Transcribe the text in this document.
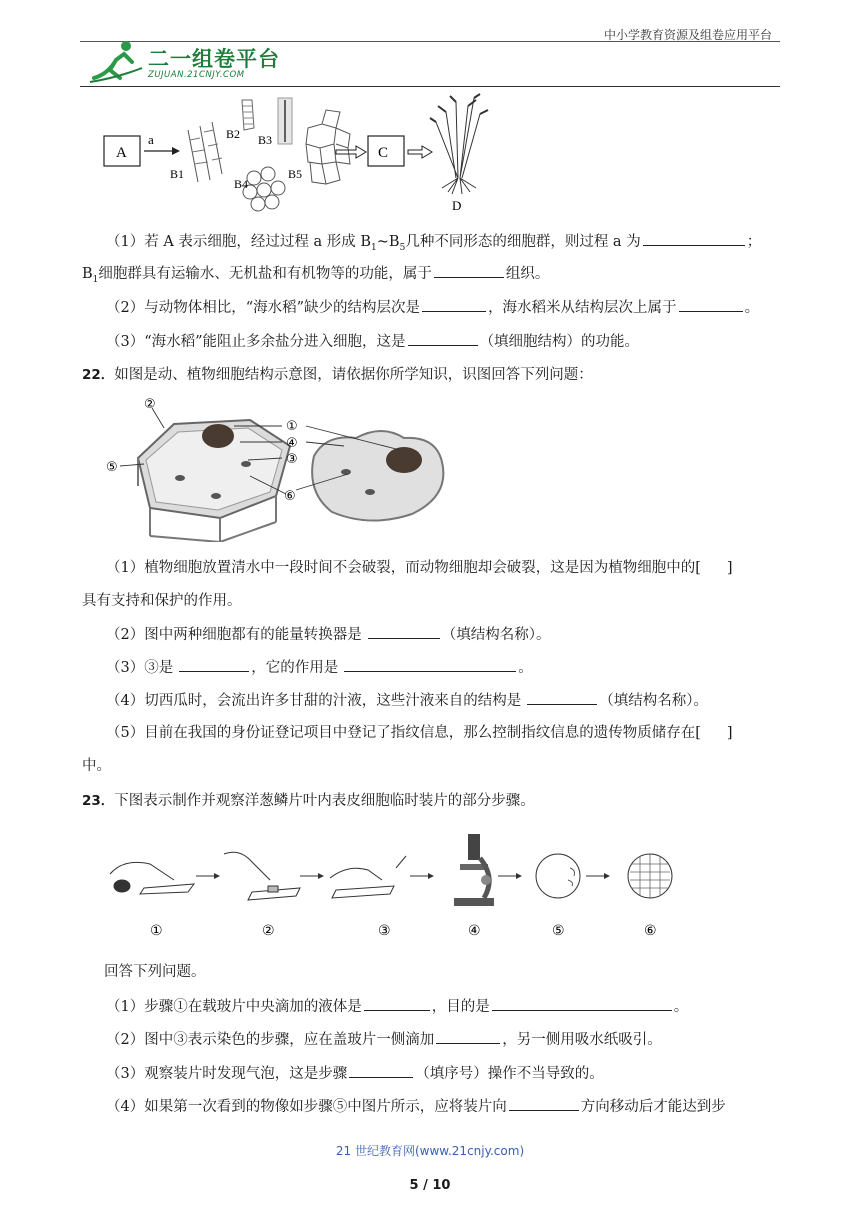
中小学教育资源及组卷应用平台
二一组卷平台
ZUJUAN.21CNJY.COM
A
a
B1
B2 B3
B4
B5
C
D
（1）若 A 表示细胞，经过过程 a 形成 $B_1\sim B_5$几种不同形态的细胞群，则过程 a 为	；
$B_1$细胞群具有运输水、无机盐和有机物等的功能，属于	组织。
（2）与动物体相比，“海水稻”缺少的结构层次是	，海水稻米从结构层次上属于	。
（3）“海水稻”能阻止多余盐分进入细胞，这是	（填细胞结构）的功能。
22．如图是动、植物细胞结构示意图，请依据你所学知识，识图回答下列问题：
②
⑤
①
④
③
⑥
（1）植物细胞放置清水中一段时间不会破裂，而动物细胞却会破裂，这是因为植物细胞中的[ ]
具有支持和保护的作用。
（2）图中两种细胞都有的能量转换器是	（填结构名称）。
（3）③是	，它的作用是	。
（4）切西瓜时，会流出许多甘甜的汁液，这些汁液来自的结构是	（填结构名称）。
（5）目前在我国的身份证登记项目中登记了指纹信息，那么控制指纹信息的遗传物质储存在[ ]
中。
23．下图表示制作并观察洋葱鳞片叶内表皮细胞临时装片的部分步骤。
①	②	③	④	⑤	⑥
回答下列问题。
（1）步骤①在载玻片中央滴加的液体是	，目的是	。
（2）图中③表示染色的步骤，应在盖玻片一侧滴加	，另一侧用吸水纸吸引。
（3）观察装片时发现气泡，这是步骤	（填序号）操作不当导致的。
（4）如果第一次看到的物像如步骤⑤中图片所示，应将装片向	方向移动后才能达到步
21 世纪教育网(www.21cnjy.com)
5 / 10
